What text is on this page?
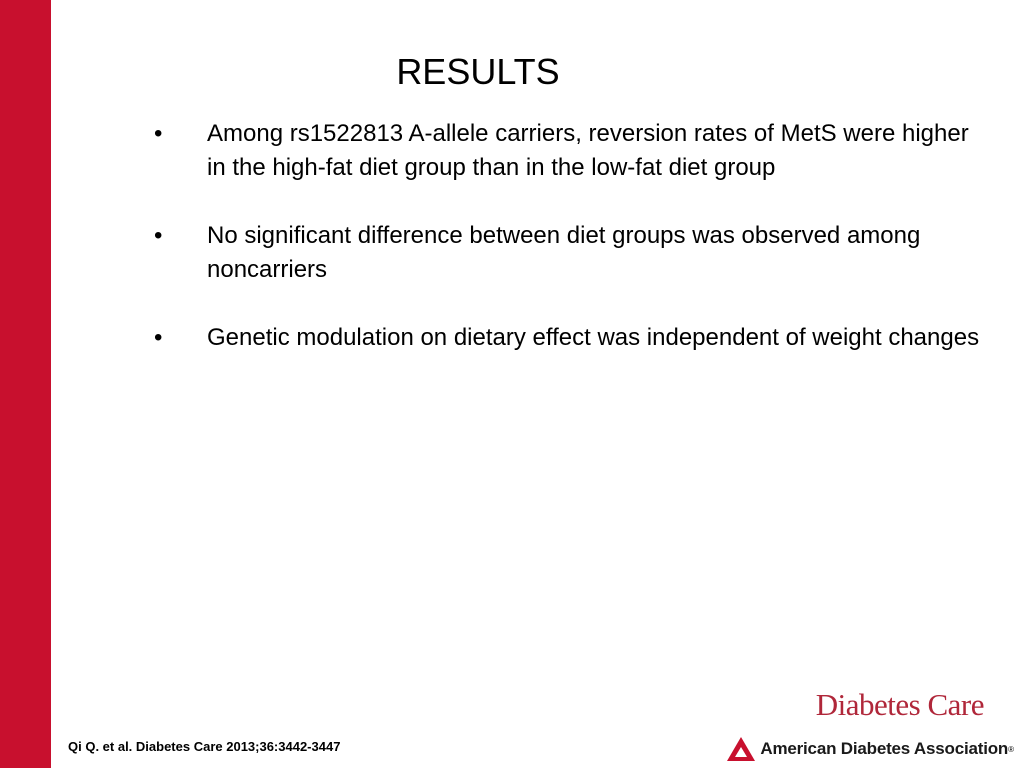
RESULTS
•	Among rs1522813 A-allele carriers, reversion rates of MetS were higher in the high-fat diet group than in the low-fat diet group
•	No significant difference between diet groups was observed among noncarriers
•	Genetic modulation on dietary effect was independent of weight changes
Qi Q. et al. Diabetes Care 2013;36:3442-3447
Diabetes Care
American Diabetes Association ®
